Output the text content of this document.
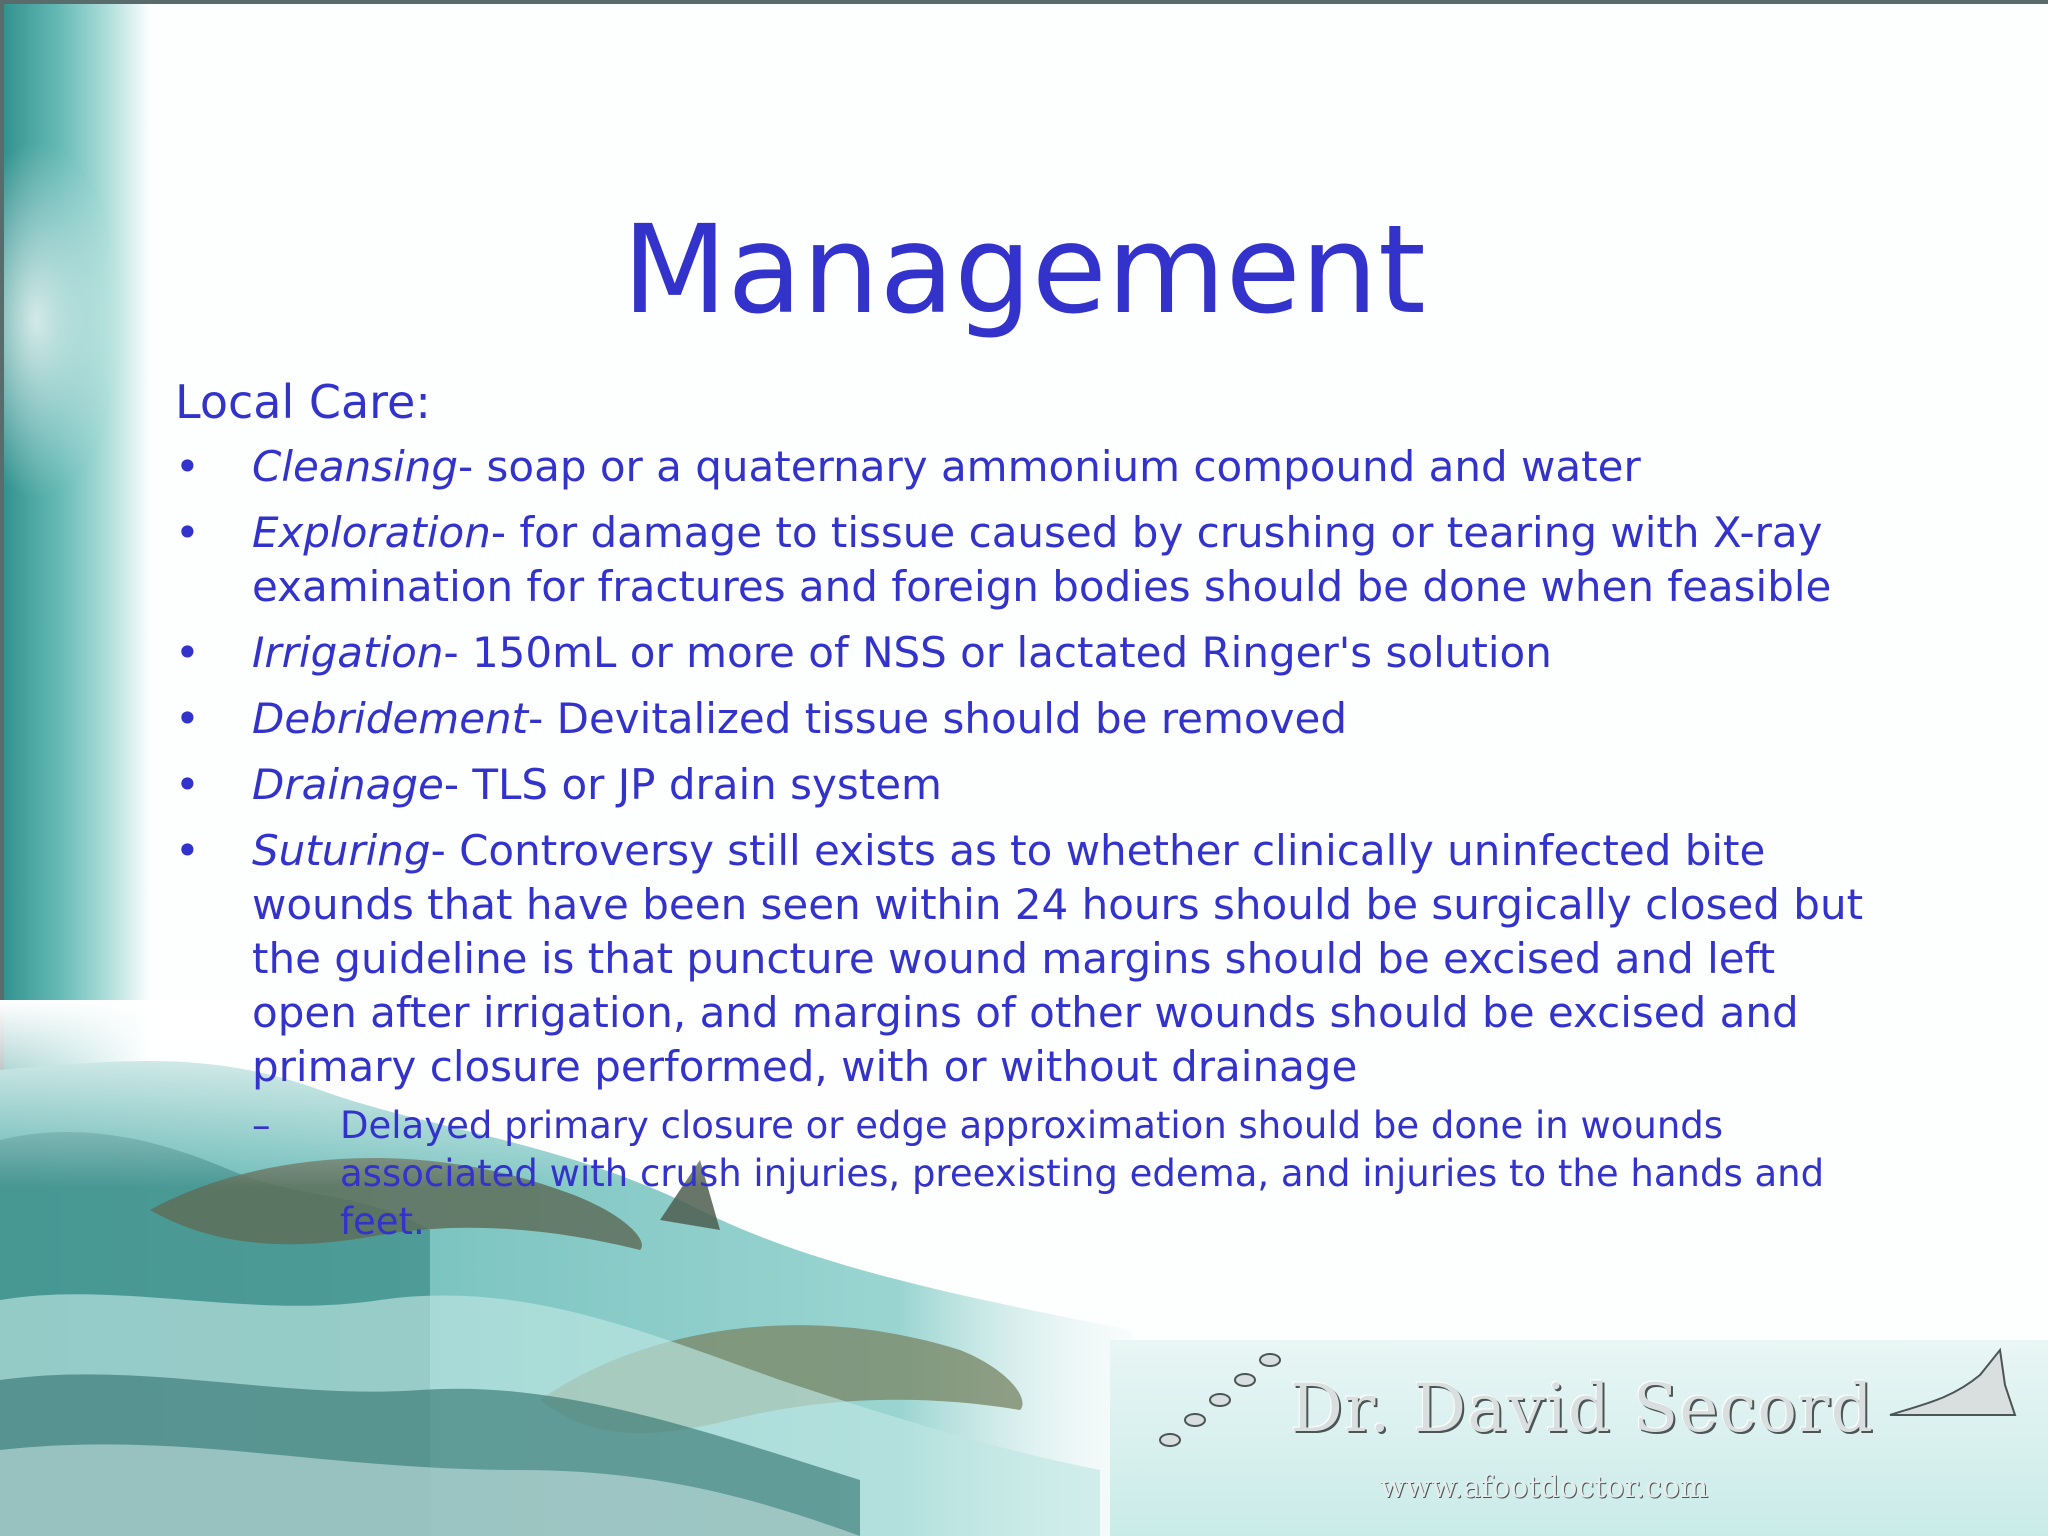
Dr. David Secord
www.afootdoctor.com
Management
Local Care:
• Cleansing- soap or a quaternary ammonium compound and water
• Exploration- for damage to tissue caused by crushing or tearing with X-ray examination for fractures and foreign bodies should be done when feasible
• Irrigation- 150mL or more of NSS or lactated Ringer's solution
• Debridement- Devitalized tissue should be removed
• Drainage- TLS or JP drain system
• Suturing- Controversy still exists as to whether clinically uninfected bite wounds that have been seen within 24 hours should be surgically closed but the guideline is that puncture wound margins should be excised and left open after irrigation, and margins of other wounds should be excised and primary closure performed, with or without drainage
–	Delayed primary closure or edge approximation should be done in wounds associated with crush injuries, preexisting edema, and injuries to the hands and feet.
